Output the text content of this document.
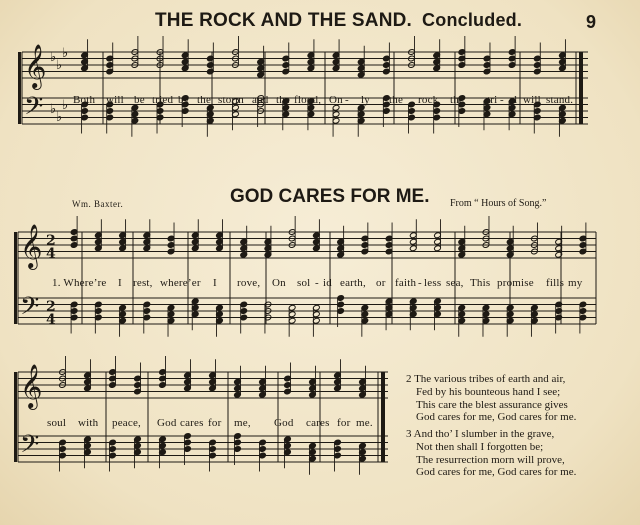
THE ROCK AND THE SAND. Concluded.	9
𝄞
𝄢
♭
♭
♭
♭
♭
♭
𝄞
𝄢
2
4
2
4
𝄞
𝄢
Both will be tried by the storm and the flood, On - ly the rock the tri - al will stand.
Wm. Baxter.	GOD CARES FOR ME. From “ Hours of Song.”
1. Where’re I rest, where’er I rove, On sol - id earth, or faith - less sea, This promise fills my
soul with peace, God cares for me, God cares for me.
2 The various tribes of earth and air,
Fed by his bounteous hand I see;
This care the blest assurance gives
God cares for me, God cares for me.
3 And tho’ I slumber in the grave,
Not then shall I forgotten be;
The resurrection morn will prove,
God cares for me, God cares for me.
